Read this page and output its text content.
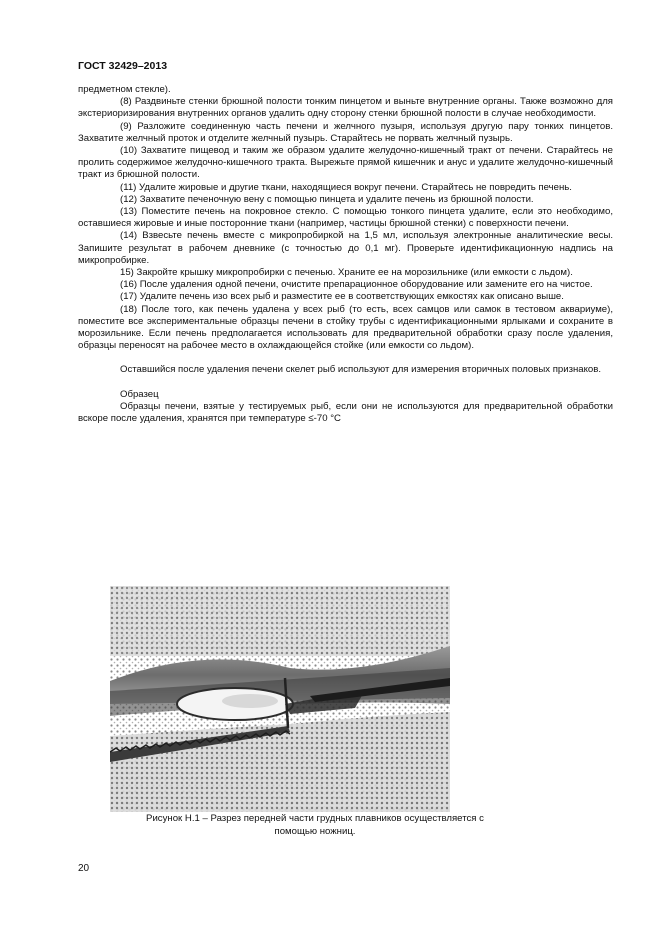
ГОСТ 32429–2013

предметном стекле).

(8) Раздвиньте стенки брюшной полости тонким пинцетом и выньте внутренние органы. Также возможно для экстериоризирования внутренних органов удалить одну сторону стенки брюшной полости в случае необходимости.

(9) Разложите соединенную часть печени и желчного пузыря, используя другую пару тонких пинцетов. Захватите желчный проток и отделите желчный пузырь. Старайтесь не порвать желчный пузырь.

(10) Захватите пищевод и таким же образом удалите желудочно-кишечный тракт от печени. Старайтесь не пролить содержимое желудочно-кишечного тракта. Вырежьте прямой кишечник и анус и удалите желудочно-кишечный тракт из брюшной полости.

(11) Удалите жировые и другие ткани, находящиеся вокруг печени. Старайтесь не повредить печень.

(12) Захватите печеночную вену с помощью пинцета и удалите печень из брюшной полости.

(13) Поместите печень на покровное стекло. С помощью тонкого пинцета удалите, если это необходимо, оставшиеся жировые и иные посторонние ткани (например, частицы брюшной стенки) с поверхности печени.

(14) Взвесьте печень вместе с микропробиркой на 1,5 мл, используя электронные аналитические весы. Запишите результат в рабочем дневнике (с точностью до 0,1 мг). Проверьте идентификационную надпись на микропробирке.

15) Закройте крышку микропробирки с печенью. Храните ее на морозильнике (или емкости с льдом).

(16) После удаления одной печени, очистите препарационное оборудование или замените его на чистое.

(17) Удалите печень изо всех рыб и разместите ее в соответствующих емкостях как описано выше.

(18) После того, как печень удалена у всех рыб (то есть, всех самцов или самок в тестовом аквариуме), поместите все экспериментальные образцы печени в стойку трубы с идентификационными ярлыками и сохраните в морозильнике. Если печень предполагается использовать для предварительной обработки сразу после удаления, образцы переносят на рабочее место в охлаждающейся стойке (или емкости со льдом).

Оставшийся после удаления печени скелет рыб используют для измерения вторичных половых признаков.

Образец

Образцы печени, взятые у тестируемых рыб, если они не используются для предварительной обработки вскоре после удаления, хранятся при температуре ≤-70 °С

Рисунок Н.1 – Разрез передней части грудных плавников осуществляется с
помощью ножниц.
20
